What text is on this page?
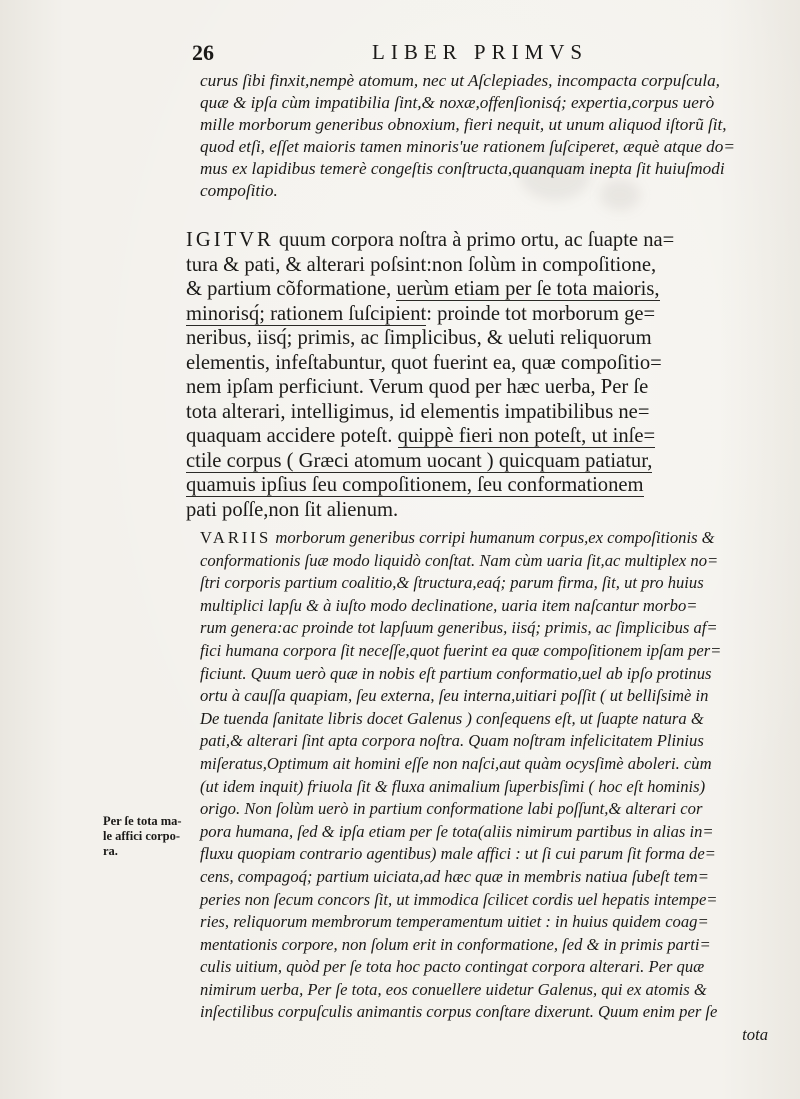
26	LIBER PRIMVS
curus ſibi finxit,nempè atomum, nec ut Aſclepiades, incompacta corpuſcula,
quæ & ipſa cùm impatibilia ſint,& noxæ,offenſionisq́; expertia,corpus uerò
mille morborum generibus obnoxium, fieri nequit, ut unum aliquod iſtorũ ſit,
quod etſi, eſſet maioris tamen minoris'ue rationem ſuſciperet, æquè atque do=
mus ex lapidibus temerè congeſtis conſtructa,quanquam inepta ſit huiuſmodi
compoſitio.
IGITVR quum corpora noſtra à primo ortu, ac ſuapte na=
tura & pati, & alterari poſsint:non ſolùm in compoſitione,
& partium cõformatione, uerùm etiam per ſe tota maioris,
minorisq́; rationem ſuſcipient: proinde tot morborum ge=
neribus, iisq́; primis, ac ſimplicibus, & ueluti reliquorum
elementis, infeſtabuntur, quot fuerint ea, quæ compoſitio=
nem ipſam perficiunt. Verum quod per hæc uerba, Per ſe
tota alterari, intelligimus, id elementis impatibilibus ne=
quaquam accidere poteſt. quippè fieri non poteſt, ut inſe=
ctile corpus ( Græci atomum uocant ) quicquam patiatur,
quamuis ipſius ſeu compoſitionem, ſeu conformationem
pati poſſe,non ſit alienum.
VARIIS morborum generibus corripi humanum corpus,ex compoſitionis &
conformationis ſuæ modo liquidò conſtat. Nam cùm uaria ſit,ac multiplex no=
ſtri corporis partium coalitio,& ſtructura,eaq́; parum firma, ſit, ut pro huius
multiplici lapſu & à iuſto modo declinatione, uaria item naſcantur morbo=
rum genera:ac proinde tot lapſuum generibus, iisq́; primis, ac ſimplicibus af=
fici humana corpora ſit neceſſe,quot fuerint ea quæ compoſitionem ipſam per=
ficiunt. Quum uerò quæ in nobis eſt partium conformatio,uel ab ipſo protinus
ortu à cauſſa quapiam, ſeu externa, ſeu interna,uitiari poſſit ( ut belliſsimè in
De tuenda ſanitate libris docet Galenus ) conſequens eſt, ut ſuapte natura &
pati,& alterari ſint apta corpora noſtra. Quam noſtram infelicitatem Plinius
miſeratus,Optimum ait homini eſſe non naſci,aut quàm ocysſimè aboleri. cùm
(ut idem inquit) friuola ſit & fluxa animalium ſuperbisſimi ( hoc eſt hominis)
origo. Non ſolùm uerò in partium conformatione labi poſſunt,& alterari cor
pora humana, ſed & ipſa etiam per ſe tota(aliis nimirum partibus in alias in=
fluxu quopiam contrario agentibus) male affici : ut ſi cui parum ſit forma de=
cens, compagoq́; partium uiciata,ad hæc quæ in membris natiua ſubeſt tem=
peries non ſecum concors ſit, ut immodica ſcilicet cordis uel hepatis intempe=
ries, reliquorum membrorum temperamentum uitiet : in huius quidem coag=
mentationis corpore, non ſolum erit in conformatione, ſed & in primis parti=
culis uitium, quòd per ſe tota hoc pacto contingat corpora alterari. Per quæ
nimirum uerba, Per ſe tota, eos conuellere uidetur Galenus, qui ex atomis &
inſectilibus corpuſculis animantis corpus conſtare dixerunt. Quum enim per ſe
tota
Per ſe tota ma-
le affici corpo-
ra.
